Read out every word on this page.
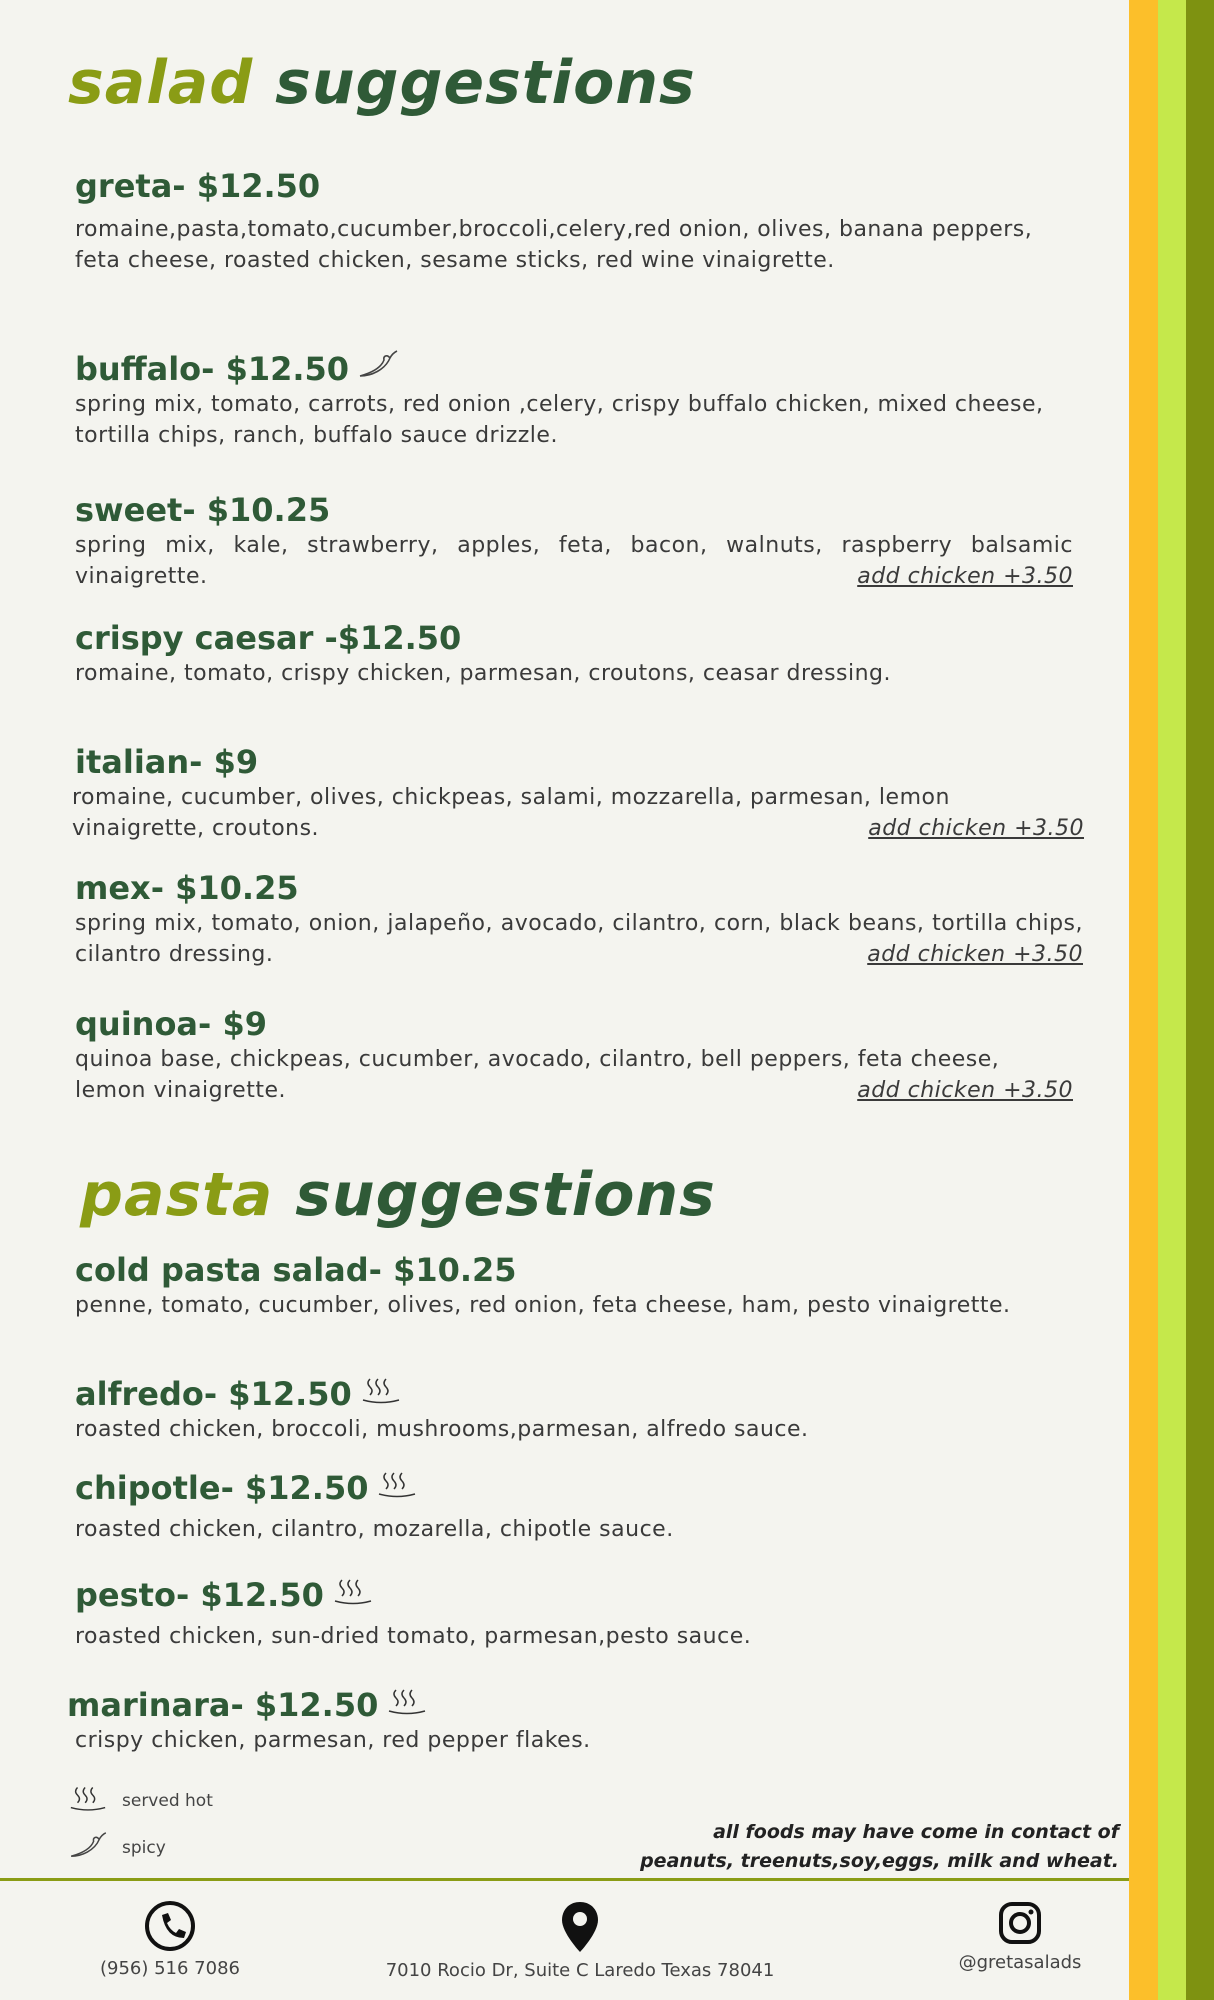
salad suggestions
greta- $12.50
romaine,pasta,tomato,cucumber,broccoli,celery,red onion, olives, banana peppers, feta cheese, roasted chicken, sesame sticks, red wine vinaigrette.
buffalo- $12.50
spring mix, tomato, carrots, red onion ,celery, crispy buffalo chicken, mixed cheese, tortilla chips, ranch, buffalo sauce drizzle.
sweet- $10.25
spring mix, kale, strawberry, apples, feta, bacon, walnuts, raspberry balsamic vinaigrette.	add chicken +3.50
crispy caesar -$12.50
romaine, tomato, crispy chicken, parmesan, croutons, ceasar dressing.
italian- $9
romaine, cucumber, olives, chickpeas, salami, mozzarella, parmesan, lemon vinaigrette, croutons.	add chicken +3.50
mex- $10.25
spring mix, tomato, onion, jalapeño, avocado, cilantro, corn, black beans, tortilla chips, cilantro dressing.	add chicken +3.50
quinoa- $9
quinoa base, chickpeas, cucumber, avocado, cilantro, bell peppers, feta cheese, lemon vinaigrette.	add chicken +3.50
pasta suggestions
cold pasta salad- $10.25
penne, tomato, cucumber, olives, red onion, feta cheese, ham, pesto vinaigrette.
alfredo- $12.50
roasted chicken, broccoli, mushrooms,parmesan, alfredo sauce.
chipotle- $12.50
roasted chicken, cilantro, mozarella, chipotle sauce.
pesto- $12.50
roasted chicken, sun-dried tomato, parmesan,pesto sauce.
marinara- $12.50
crispy chicken, parmesan, red pepper flakes.
served hot
spicy
all foods may have come in contact of
peanuts, treenuts,soy,eggs, milk and wheat.
(956) 516 7086	7010 Rocio Dr, Suite C Laredo Texas 78041	@gretasalads
